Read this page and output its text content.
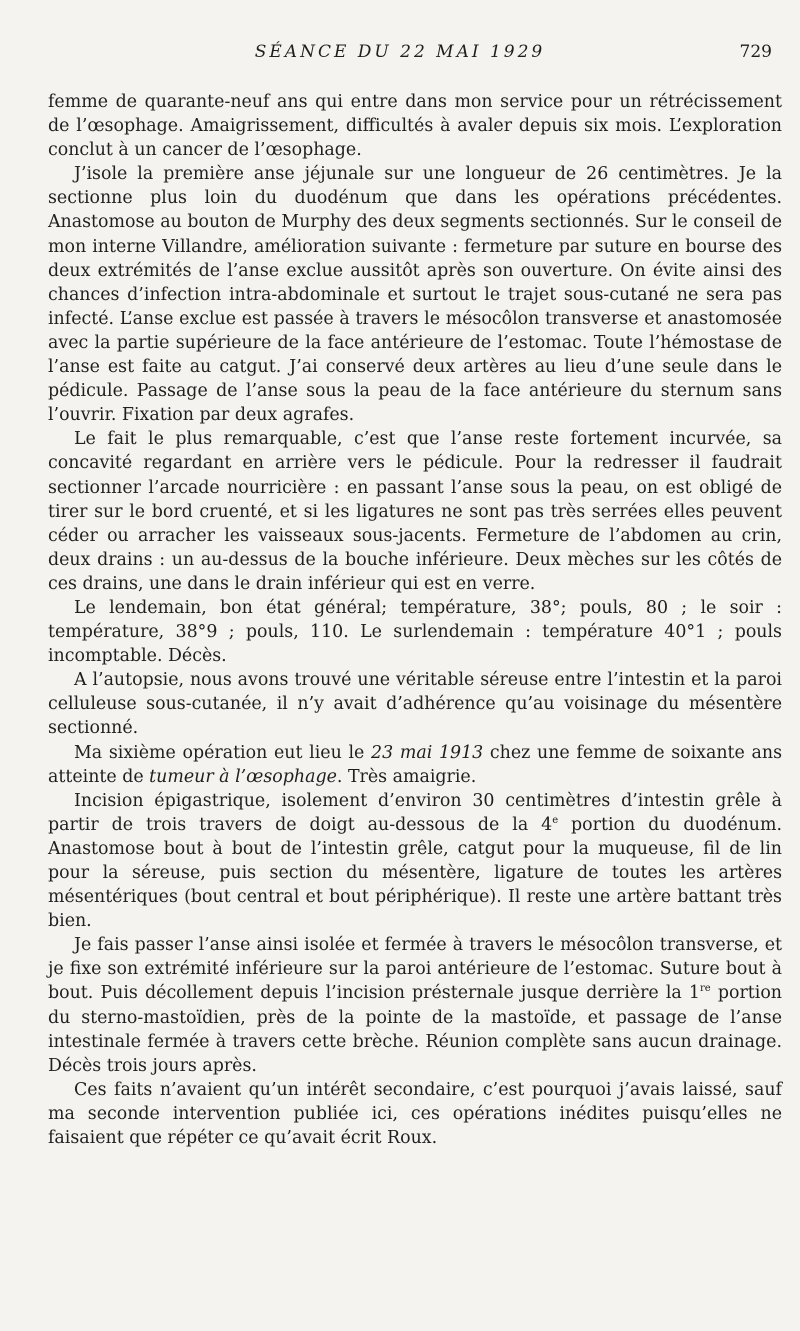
SÉANCE DU 22 MAI 1929	729

femme de quarante-neuf ans qui entre dans mon service pour un rétrécissement de l’œsophage. Amaigrissement, difficultés à avaler depuis six mois. L’exploration conclut à un cancer de l’œsophage.

J’isole la première anse jéjunale sur une longueur de 26 centimètres. Je la sectionne plus loin du duodénum que dans les opérations précédentes. Anastomose au bouton de Murphy des deux segments sectionnés. Sur le conseil de mon interne Villandre, amélioration suivante : fermeture par suture en bourse des deux extrémités de l’anse exclue aussitôt après son ouverture. On évite ainsi des chances d’infection intra-abdominale et surtout le trajet sous-cutané ne sera pas infecté. L’anse exclue est passée à travers le mésocôlon transverse et anastomosée avec la partie supérieure de la face antérieure de l’estomac. Toute l’hémostase de l’anse est faite au catgut. J’ai conservé deux artères au lieu d’une seule dans le pédicule. Passage de l’anse sous la peau de la face antérieure du sternum sans l’ouvrir. Fixation par deux agrafes.

Le fait le plus remarquable, c’est que l’anse reste fortement incurvée, sa concavité regardant en arrière vers le pédicule. Pour la redresser il faudrait sectionner l’arcade nourricière : en passant l’anse sous la peau, on est obligé de tirer sur le bord cruenté, et si les ligatures ne sont pas très serrées elles peuvent céder ou arracher les vaisseaux sous-jacents. Fermeture de l’abdomen au crin, deux drains : un au-dessus de la bouche inférieure. Deux mèches sur les côtés de ces drains, une dans le drain inférieur qui est en verre.

Le lendemain, bon état général; température, 38°; pouls, 80 ; le soir : température, 38°9 ; pouls, 110. Le surlendemain : température 40°1 ; pouls incomptable. Décès.

A l’autopsie, nous avons trouvé une véritable séreuse entre l’intestin et la paroi celluleuse sous-cutanée, il n’y avait d’adhérence qu’au voisinage du mésentère sectionné.

Ma sixième opération eut lieu le 23 mai 1913 chez une femme de soixante ans atteinte de tumeur à l’œsophage. Très amaigrie.

Incision épigastrique, isolement d’environ 30 centimètres d’intestin grêle à partir de trois travers de doigt au-dessous de la 4e portion du duodénum. Anastomose bout à bout de l’intestin grêle, catgut pour la muqueuse, fil de lin pour la séreuse, puis section du mésentère, ligature de toutes les artères mésentériques (bout central et bout périphérique). Il reste une artère battant très bien.

Je fais passer l’anse ainsi isolée et fermée à travers le mésocôlon transverse, et je fixe son extrémité inférieure sur la paroi antérieure de l’estomac. Suture bout à bout. Puis décollement depuis l’incision présternale jusque derrière la 1re portion du sterno-mastoïdien, près de la pointe de la mastoïde, et passage de l’anse intestinale fermée à travers cette brèche. Réunion complète sans aucun drainage. Décès trois jours après.

Ces faits n’avaient qu’un intérêt secondaire, c’est pourquoi j’avais laissé, sauf ma seconde intervention publiée ici, ces opérations inédites puisqu’elles ne faisaient que répéter ce qu’avait écrit Roux.
